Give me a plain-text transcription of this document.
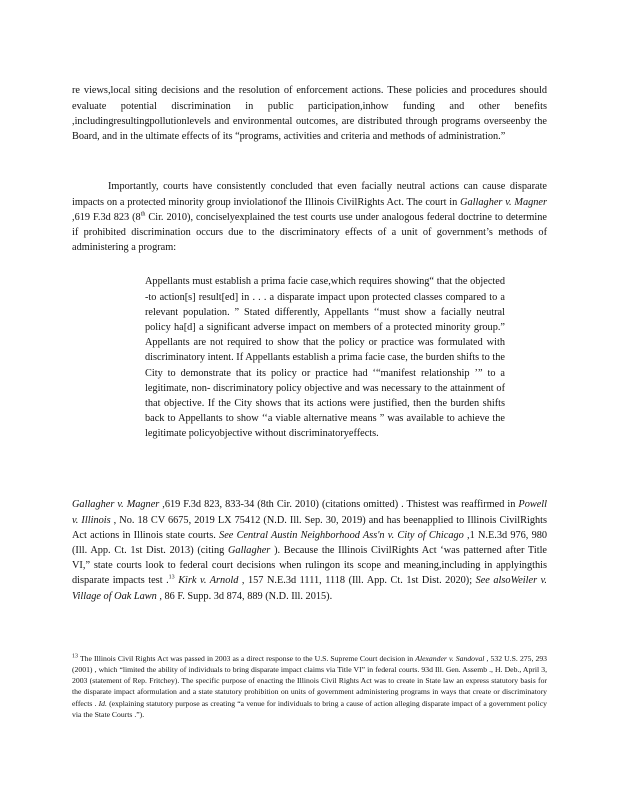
re views,local siting decisions and the resolution of enforcement actions. These policies and procedures should evaluate potential discrimination in public participation,inhow funding and other benefits ,includingresultingpollutionlevels and environmental outcomes, are distributed through programs overseenby the Board, and in the ultimate effects of its “programs, activities and criteria and methods of administration.”

Importantly, courts have consistently concluded that even facially neutral actions can cause disparate impacts on a protected minority group inviolationof the Illinois CivilRights Act. The court in Gallagher v. Magner ,619 F.3d 823 (8th Cir. 2010), conciselyexplained the test courts use under analogous federal doctrine to determine if prohibited discrimination occurs due to the discriminatory effects of a unit of government’s methods of administering a program:

Appellants must establish a prima facie case,which requires showing“ that the objected -to action[s] result[ed] in . . . a disparate impact upon protected classes compared to a relevant population. ” Stated differently, Appellants ‘‘must show a facially neutral policy ha[d] a significant adverse impact on members of a protected minority group.” Appellants are not required to show that the policy or practice was formulated with discriminatory intent. If Appellants establish a prima facie case, the burden shifts to the City to demonstrate that its policy or practice had ‘“manifest relationship ’” to a legitimate, non- discriminatory policy objective and was necessary to the attainment of that objective. If the City shows that its actions were justified, then the burden shifts back to Appellants to show ‘‘a viable alternative means ” was available to achieve the legitimate policyobjective without discriminatoryeffects.

Gallagher v. Magner ,619 F.3d 823, 833-34 (8th Cir. 2010) (citations omitted) . Thistest was reaffirmed in Powell v. Illinois , No. 18 CV 6675, 2019 LX 75412 (N.D. Ill. Sep. 30, 2019) and has beenapplied to Illinois CivilRights Act actions in Illinois state courts. See Central Austin Neighborhood Ass'n v. City of Chicago ,1 N.E.3d 976, 980 (Ill. App. Ct. 1st Dist. 2013) (citing Gallagher ). Because the Illinois CivilRights Act ‘was patterned after Title VI,” state courts look to federal court decisions when rulingon its scope and meaning,including in applyingthis disparate impacts test .$^{13}$ Kirk v. Arnold , 157 N.E.3d 1111, 1118 (Ill. App. Ct. 1st Dist. 2020); See alsoWeiler v. Village of Oak Lawn , 86 F. Supp. 3d 874, 889 (N.D. Ill. 2015).

$^{13}$ The Illinois Civil Rights Act was passed in 2003 as a direct response to the U.S. Supreme Court decision in Alexander v. Sandoval , 532 U.S. 275, 293 (2001) , which “limited the ability of individuals to bring disparate impact claims via Title VI” in federal courts. 93d Ill. Gen. Assemb ., H. Deb., April 3, 2003 (statement of Rep. Fritchey). The specific purpose of enacting the Illinois Civil Rights Act was to create in State law an express statutory basis for the disparate impact aformulation and a state statutory prohibition on units of government administering programs in ways that create or discriminatory effects . Id. (explaining statutory purpose as creating “a venue for individuals to bring a cause of action alleging disparate impact of a government policy via the State Courts .”).
